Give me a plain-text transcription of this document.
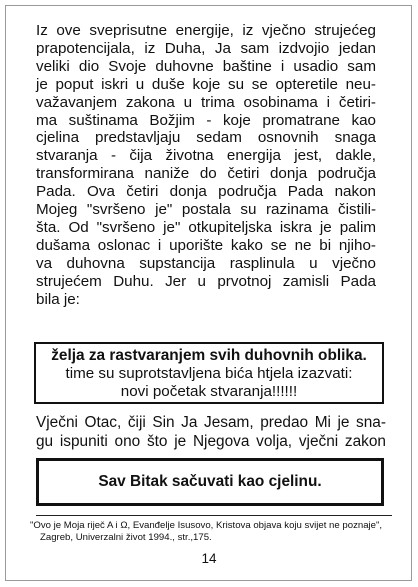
Iz ove sveprisutne energije, iz vječno strujećeg
prapotencijala, iz Duha, Ja sam izdvojio jedan
veliki dio Svoje duhovne baštine i usadio sam
je poput iskri u duše koje su se opteretile neu-
važavanjem zakona u trima osobinama i četiri-
ma suštinama Božjim - koje promatrane kao
cjelina predstavljaju sedam osnovnih snaga
stvaranja - čija životna energija jest, dakle,
transformirana naniže do četiri donja područja
Pada. Ova četiri donja područja Pada nakon
Mojeg "svršeno je" postala su razinama čistili-
šta. Od "svršeno je" otkupiteljska iskra je palim
dušama oslonac i uporište kako se ne bi njiho-
va duhovna supstancija rasplinula u vječno
strujećem Duhu. Jer u prvotnoj zamisli Pada
bila je:
želja za rastvaranjem svih duhovnih oblika.
time su suprotstavljena bića htjela izazvati:
novi početak stvaranja!!!!!!
Vječni Otac, čiji Sin Ja Jesam, predao Mi je sna-
gu ispuniti ono što je Njegova volja, vječni zakon
Sav Bitak sačuvati kao cjelinu.
"Ovo je Moja riječ A i Ω, Evanđelje Isusovo, Kristova objava koju svijet ne poznaje",
Zagreb, Univerzalni život 1994., str.,175.
14
